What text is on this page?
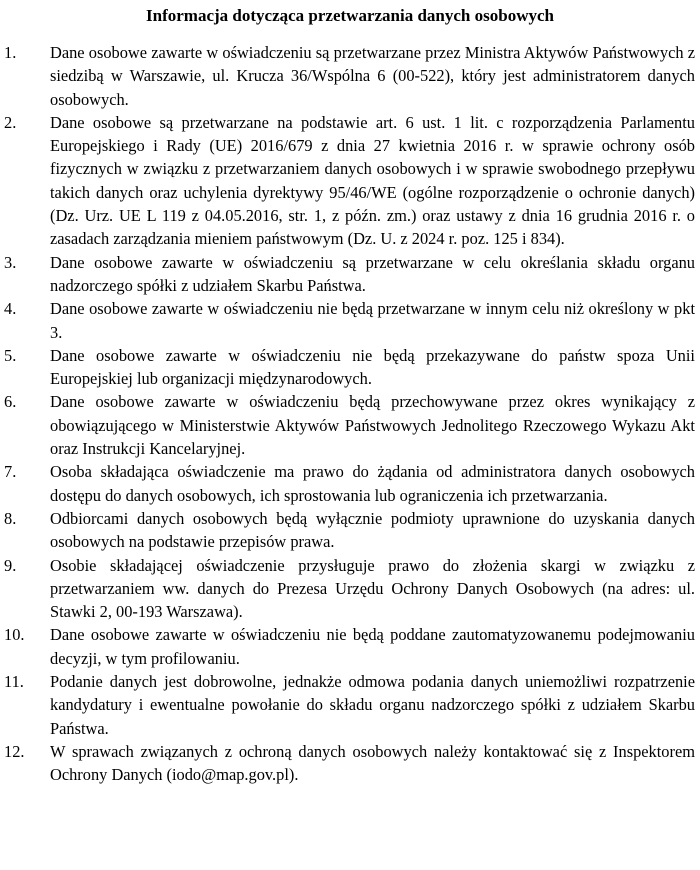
Informacja dotycząca przetwarzania danych osobowych
1.	Dane osobowe zawarte w oświadczeniu są przetwarzane przez Ministra Aktywów Państwowych z siedzibą w Warszawie, ul. Krucza 36/Wspólna 6 (00-522), który jest administratorem danych osobowych.
2.	Dane osobowe są przetwarzane na podstawie art. 6 ust. 1 lit. c rozporządzenia Parlamentu Europejskiego i Rady (UE) 2016/679 z dnia 27 kwietnia 2016 r. w sprawie ochrony osób fizycznych w związku z przetwarzaniem danych osobowych i w sprawie swobodnego przepływu takich danych oraz uchylenia dyrektywy 95/46/WE (ogólne rozporządzenie o ochronie danych) (Dz. Urz. UE L 119 z 04.05.2016, str. 1, z późn. zm.) oraz ustawy z dnia 16 grudnia 2016 r. o zasadach zarządzania mieniem państwowym (Dz. U. z 2024 r. poz. 125 i 834).
3.	Dane osobowe zawarte w oświadczeniu są przetwarzane w celu określania składu organu nadzorczego spółki z udziałem Skarbu Państwa.
4.	Dane osobowe zawarte w oświadczeniu nie będą przetwarzane w innym celu niż określony w pkt 3.
5.	Dane osobowe zawarte w oświadczeniu nie będą przekazywane do państw spoza Unii Europejskiej lub organizacji międzynarodowych.
6.	Dane osobowe zawarte w oświadczeniu będą przechowywane przez okres wynikający z obowiązującego w Ministerstwie Aktywów Państwowych Jednolitego Rzeczowego Wykazu Akt oraz Instrukcji Kancelaryjnej.
7.	Osoba składająca oświadczenie ma prawo do żądania od administratora danych osobowych dostępu do danych osobowych, ich sprostowania lub ograniczenia ich przetwarzania.
8.	Odbiorcami danych osobowych będą wyłącznie podmioty uprawnione do uzyskania danych osobowych na podstawie przepisów prawa.
9.	Osobie składającej oświadczenie przysługuje prawo do złożenia skargi w związku z przetwarzaniem ww. danych do Prezesa Urzędu Ochrony Danych Osobowych (na adres: ul. Stawki 2, 00-193 Warszawa).
10.	Dane osobowe zawarte w oświadczeniu nie będą poddane zautomatyzowanemu podejmowaniu decyzji, w tym profilowaniu.
11.	Podanie danych jest dobrowolne, jednakże odmowa podania danych uniemożliwi rozpatrzenie kandydatury i ewentualne powołanie do składu organu nadzorczego spółki z udziałem Skarbu Państwa.
12.	W sprawach związanych z ochroną danych osobowych należy kontaktować się z Inspektorem Ochrony Danych (iodo@map.gov.pl).
